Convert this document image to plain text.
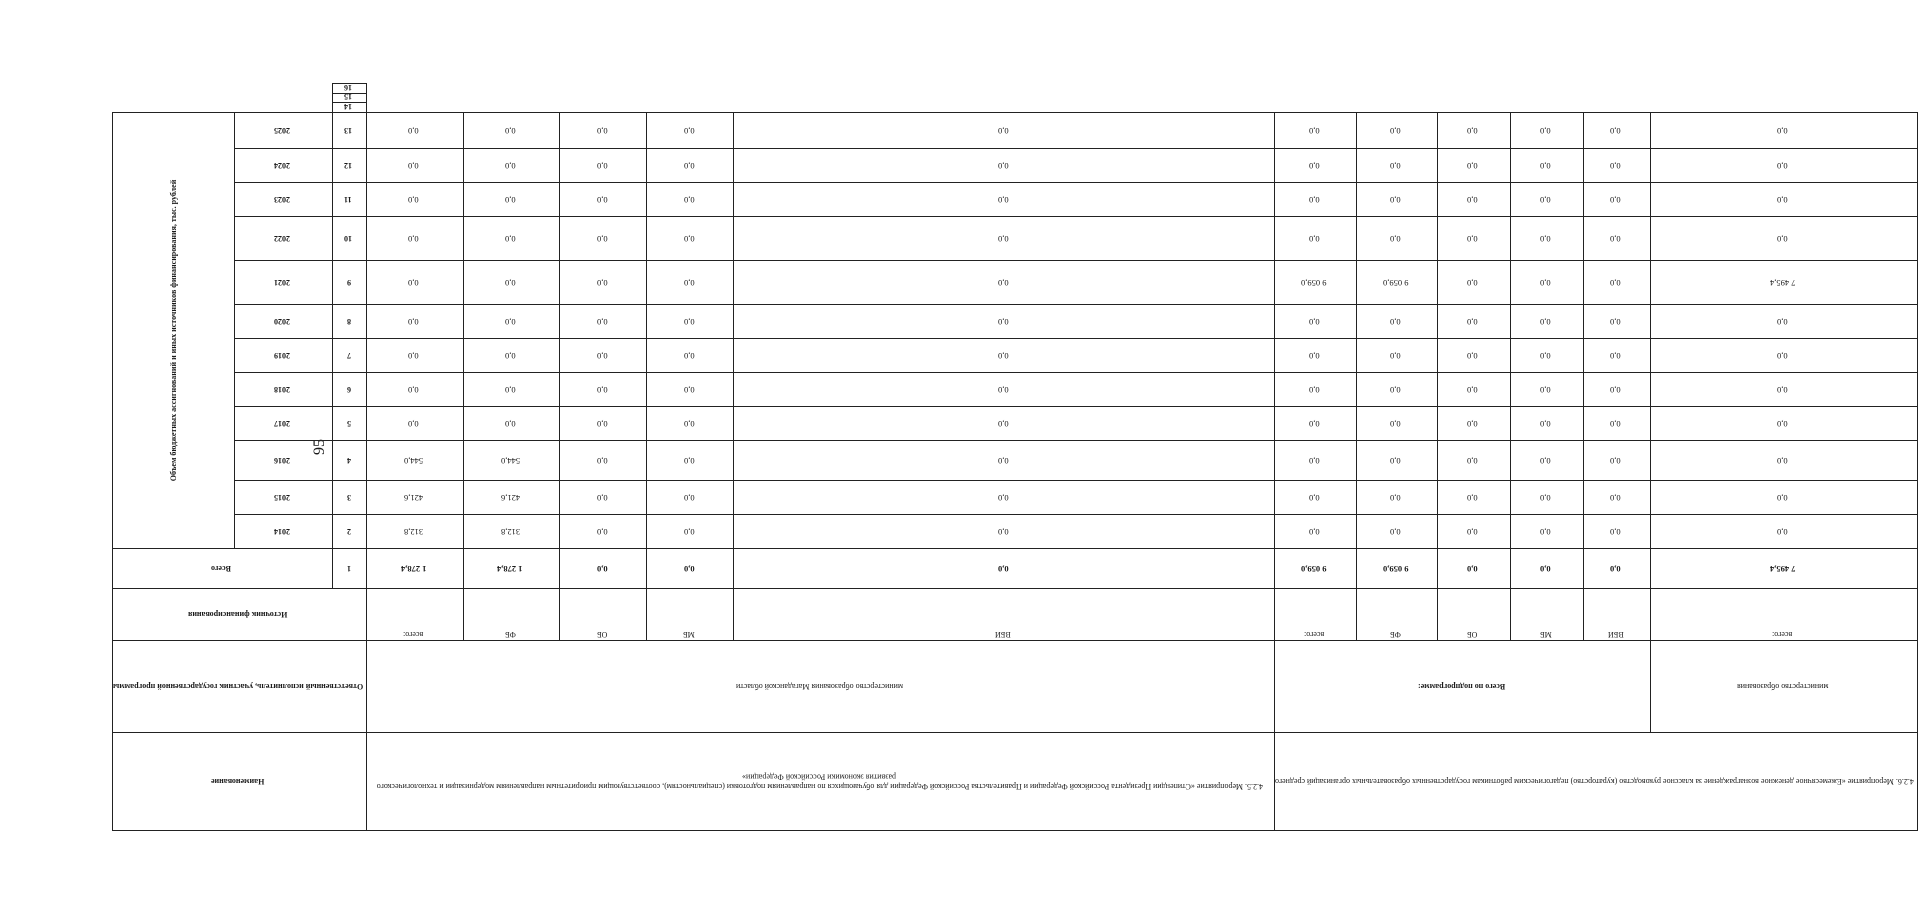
95
Наименование	Ответственный исполнитель, участник государственной программы	Источник финансирования	Всего	Объем бюджетных ассигнований и иных источников финансирования, тыс. рублей														
				2014	2015	2016	2017	2018	2019	2020	2021	2022	2023	2024	2025			
			1	2	3	4	5	6	7	8	9	10	11	12	13	14	15	16
4.2.5. Мероприятие «Стипендии Президента Российской Федерации и Правительства Российской Федерации для обучающихся по направлениям подготовки (специальностям), соответствующим приоритетным направлениям модернизации и технологического развития экономики Российской Федерации»	министерство образования Магаданской области	всего:	1 278,4	312,8	421,6	544,0	0,0	0,0	0,0	0,0	0,0	0,0	0,0	0,0	0,0			
		ФБ	1 278,4	312,8	421,6	544,0	0,0	0,0	0,0	0,0	0,0	0,0	0,0	0,0	0,0			
		ОБ	0,0	0,0	0,0	0,0	0,0	0,0	0,0	0,0	0,0	0,0	0,0	0,0	0,0			
		МБ	0,0	0,0	0,0	0,0	0,0	0,0	0,0	0,0	0,0	0,0	0,0	0,0	0,0			
		ВБИ	0,0	0,0	0,0	0,0	0,0	0,0	0,0	0,0	0,0	0,0	0,0	0,0	0,0			
4.2.6. Мероприятие «Ежемесячное денежное вознаграждение за классное руководство (кураторство) педагогическим работникам государственных образовательных организаций среднего	Всего по подпрограмме:	всего:	9 059,0	0,0	0,0	0,0	0,0	0,0	0,0	0,0	9 059,0	0,0	0,0	0,0	0,0			
		ФБ	9 059,0	0,0	0,0	0,0	0,0	0,0	0,0	0,0	9 059,0	0,0	0,0	0,0	0,0			
		ОБ	0,0	0,0	0,0	0,0	0,0	0,0	0,0	0,0	0,0	0,0	0,0	0,0	0,0			
		МБ	0,0	0,0	0,0	0,0	0,0	0,0	0,0	0,0	0,0	0,0	0,0	0,0	0,0			
		ВБИ	0,0	0,0	0,0	0,0	0,0	0,0	0,0	0,0	0,0	0,0	0,0	0,0	0,0			
	министерство образования	всего:	7 495,4	0,0	0,0	0,0	0,0	0,0	0,0	0,0	7 495,4	0,0	0,0	0,0	0,0			
